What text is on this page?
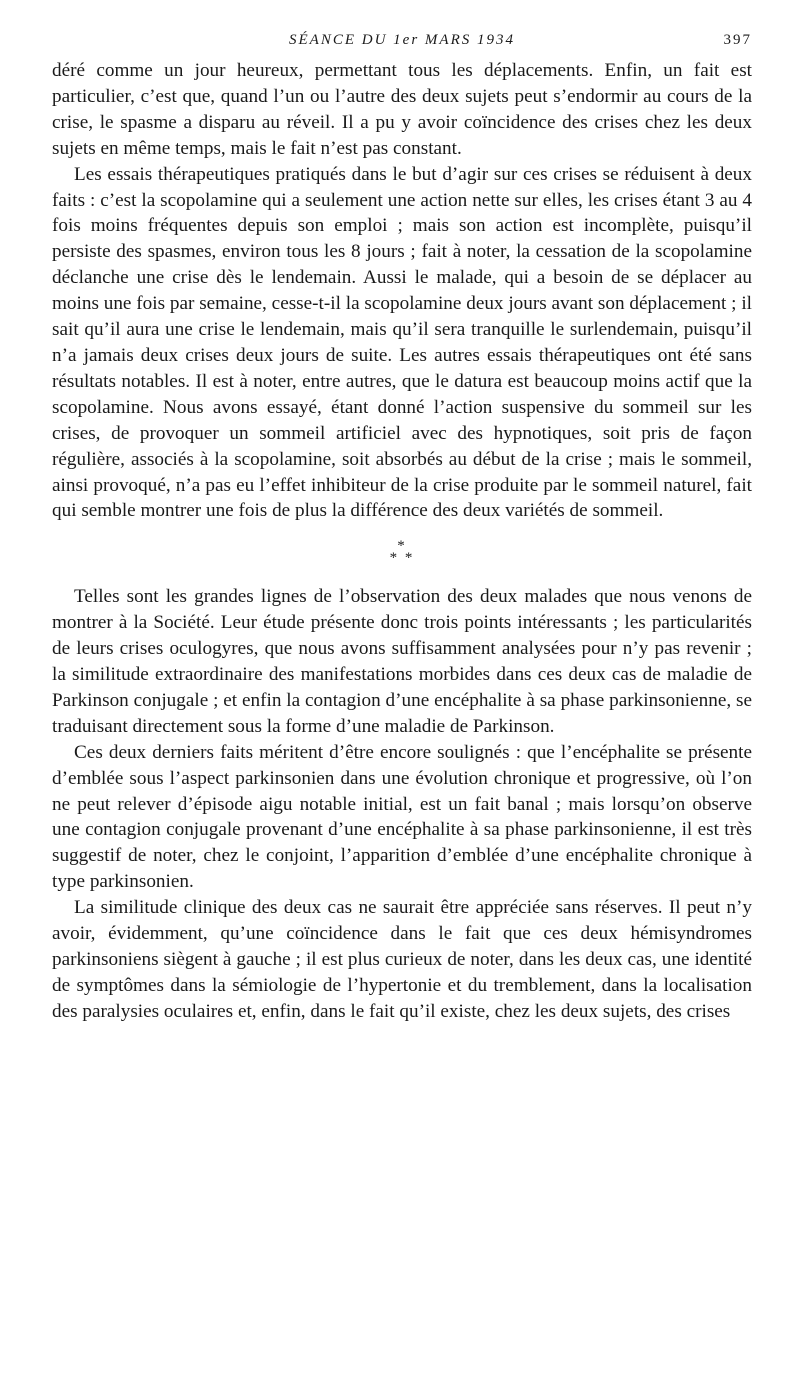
SÉANCE DU 1er MARS 1934	397

déré comme un jour heureux, permettant tous les déplacements. Enfin, un fait est particulier, c’est que, quand l’un ou l’autre des deux sujets peut s’endormir au cours de la crise, le spasme a disparu au réveil. Il a pu y avoir coïncidence des crises chez les deux sujets en même temps, mais le fait n’est pas constant.

Les essais thérapeutiques pratiqués dans le but d’agir sur ces crises se réduisent à deux faits : c’est la scopolamine qui a seulement une action nette sur elles, les crises étant 3 au 4 fois moins fréquentes depuis son emploi ; mais son action est incomplète, puisqu’il persiste des spasmes, environ tous les 8 jours ; fait à noter, la cessation de la scopolamine déclanche une crise dès le lendemain. Aussi le malade, qui a besoin de se déplacer au moins une fois par semaine, cesse-t-il la scopolamine deux jours avant son déplacement ; il sait qu’il aura une crise le lendemain, mais qu’il sera tranquille le surlendemain, puisqu’il n’a jamais deux crises deux jours de suite. Les autres essais thérapeutiques ont été sans résultats notables. Il est à noter, entre autres, que le datura est beaucoup moins actif que la scopolamine. Nous avons essayé, étant donné l’action suspensive du sommeil sur les crises, de provoquer un sommeil artificiel avec des hypnotiques, soit pris de façon régulière, associés à la scopolamine, soit absorbés au début de la crise ; mais le sommeil, ainsi provoqué, n’a pas eu l’effet inhibiteur de la crise produite par le sommeil naturel, fait qui semble montrer une fois de plus la différence des deux variétés de sommeil.

*
* *

Telles sont les grandes lignes de l’observation des deux malades que nous venons de montrer à la Société. Leur étude présente donc trois points intéressants ; les particularités de leurs crises oculogyres, que nous avons suffisamment analysées pour n’y pas revenir ; la similitude extraordinaire des manifestations morbides dans ces deux cas de maladie de Parkinson conjugale ; et enfin la contagion d’une encéphalite à sa phase parkinsonienne, se traduisant directement sous la forme d’une maladie de Parkinson.

Ces deux derniers faits méritent d’être encore soulignés : que l’encéphalite se présente d’emblée sous l’aspect parkinsonien dans une évolution chronique et progressive, où l’on ne peut relever d’épisode aigu notable initial, est un fait banal ; mais lorsqu’on observe une contagion conjugale provenant d’une encéphalite à sa phase parkinsonienne, il est très suggestif de noter, chez le conjoint, l’apparition d’emblée d’une encéphalite chronique à type parkinsonien.

La similitude clinique des deux cas ne saurait être appréciée sans réserves. Il peut n’y avoir, évidemment, qu’une coïncidence dans le fait que ces deux hémisyndromes parkinsoniens siègent à gauche ; il est plus curieux de noter, dans les deux cas, une identité de symptômes dans la sémiologie de l’hypertonie et du tremblement, dans la localisation des paralysies oculaires et, enfin, dans le fait qu’il existe, chez les deux sujets, des crises
